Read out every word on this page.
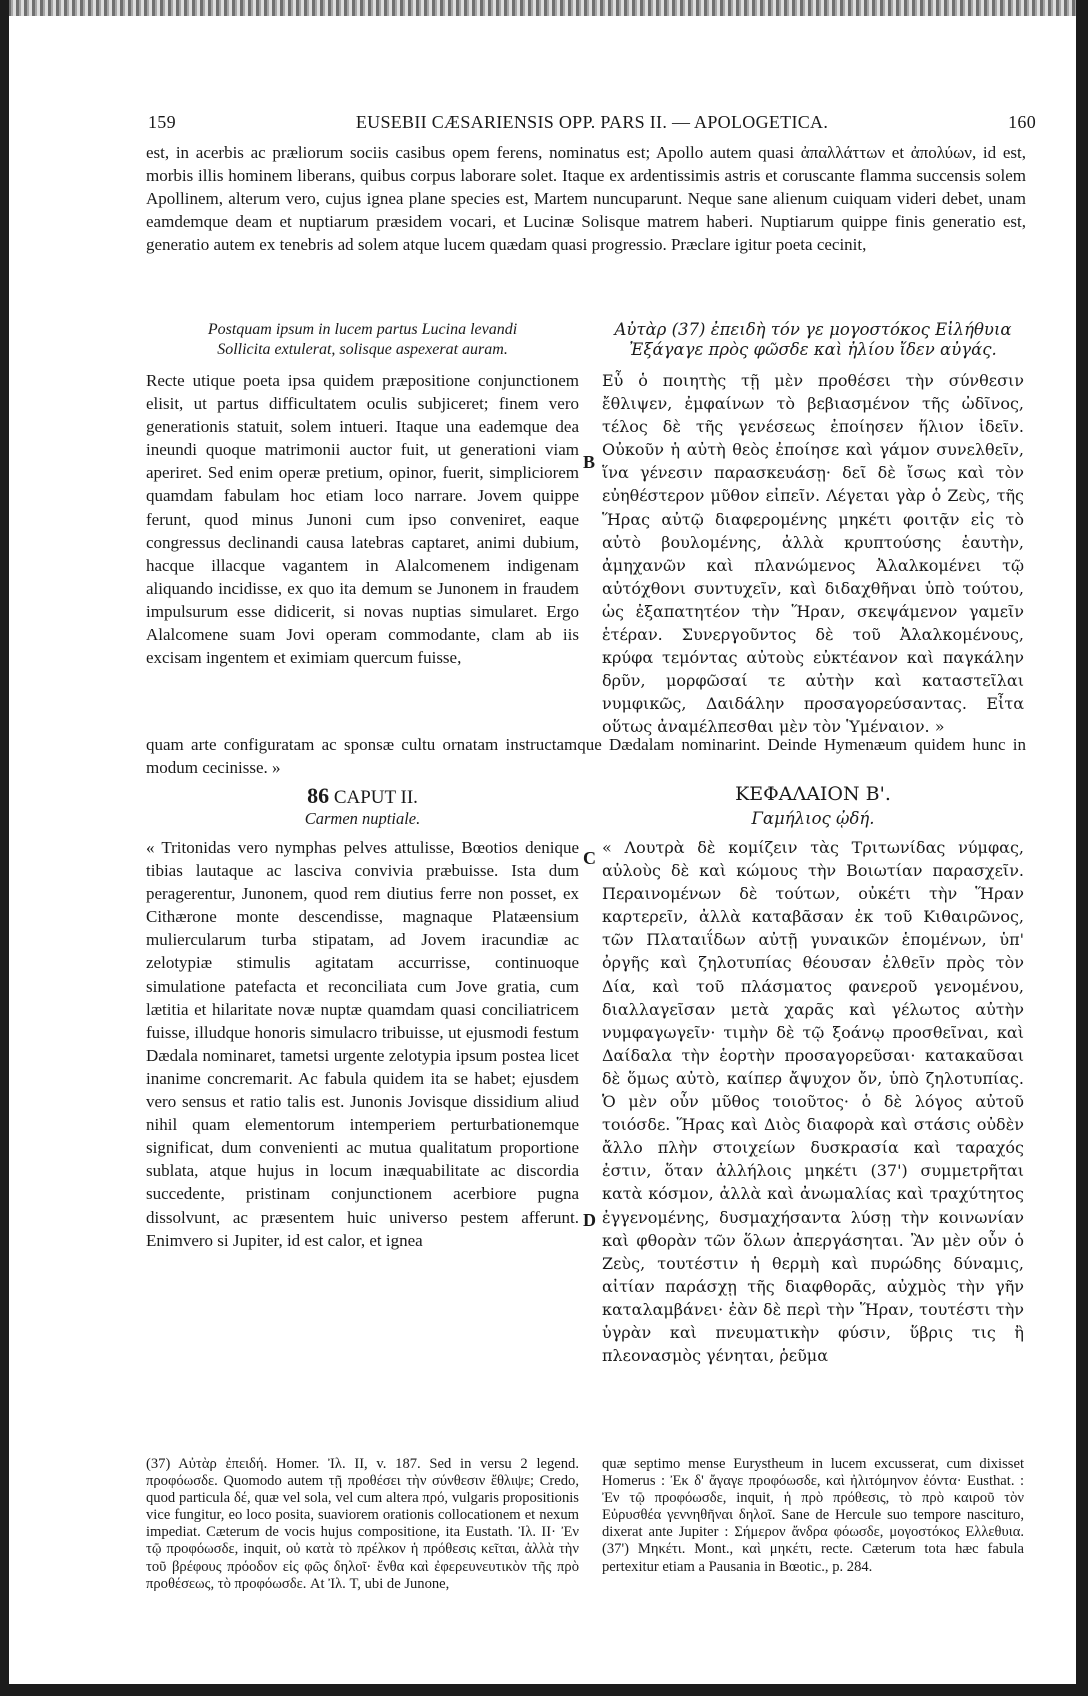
159	EUSEBII CÆSARIENSIS OPP. PARS II. — APOLOGETICA.	160
est, in acerbis ac præliorum sociis casibus opem ferens, nominatus est; Apollo autem quasi ἀπαλλάττων et ἀπολύων, id est, morbis illis hominem liberans, quibus corpus laborare solet. Itaque ex ardentissimis astris et coruscante flamma succensis solem Apollinem, alterum vero, cujus ignea plane species est, Martem nuncuparunt. Neque sane alienum cuiquam videri debet, unam eamdemque deam et nuptiarum præsidem vocari, et Lucinæ Solisque matrem haberi. Nuptiarum quippe finis generatio est, generatio autem ex tenebris ad solem atque lucem quædam quasi progressio. Præclare igitur poeta cecinit,
Postquam ipsum in lucem partus Lucina levandi
Sollicita extulerat, solisque aspexerat auram.
Αὐτὰρ (37) ἐπειδὴ τόν γε μογοστόκος Εἰλήθυια
Ἐξάγαγε πρὸς φῶσδε καὶ ἠλίου ἴδεν αὐγάς.
Recte utique poeta ipsa quidem præpositione conjunctionem elisit, ut partus difficultatem oculis subjiceret; finem vero generationis statuit, solem intueri. Itaque una eademque dea ineundi quoque matrimonii auctor fuit, ut generationi viam aperiret. Sed enim operæ pretium, opinor, fuerit, simpliciorem quamdam fabulam hoc etiam loco narrare. Jovem quippe ferunt, quod minus Junoni cum ipso conveniret, eaque congressus declinandi causa latebras captaret, animi dubium, hacque illacque vagantem in Alalcomenem indigenam aliquando incidisse, ex quo ita demum se Junonem in fraudem impulsurum esse didicerit, si novas nuptias simularet. Ergo Alalcomene suam Jovi operam commodante, clam ab iis excisam ingentem et eximiam quercum fuisse,
Εὖ ὁ ποιητὴς τῇ μὲν προθέσει τὴν σύνθεσιν ἔθλιψεν, ἐμφαίνων τὸ βεβιασμένον τῆς ὠδῖνος, τέλος δὲ τῆς γενέσεως ἐποίησεν ἥλιον ἰδεῖν. Οὐκοῦν ἡ αὐτὴ θεὸς ἐποίησε καὶ γάμον συνελθεῖν, ἵνα γένεσιν παρασκευάσῃ· δεῖ δὲ ἴσως καὶ τὸν εὐηθέστερον μῦθον εἰπεῖν. Λέγεται γὰρ ὁ Ζεὺς, τῆς Ἥρας αὐτῷ διαφερομένης μηκέτι φοιτᾷν εἰς τὸ αὐτὸ βουλομένης, ἀλλὰ κρυπτούσης ἑαυτὴν, ἀμηχανῶν καὶ πλανώμενος Ἀλαλκομένει τῷ αὐτόχθονι συντυχεῖν, καὶ διδαχθῆναι ὑπὸ τούτου, ὡς ἐξαπατητέον τὴν Ἥραν, σκεψάμενον γαμεῖν ἑτέραν. Συνεργοῦντος δὲ τοῦ Ἀλαλκομένους, κρύφα τεμόντας αὐτοὺς εὐκτέανον καὶ παγκάλην δρῦν, μορφῶσαί τε αὐτὴν καὶ καταστεῖλαι νυμφικῶς, Δαιδάλην προσαγορεύσαντας. Εἶτα οὕτως ἀναμέλπεσθαι μὲν τὸν Ὑμέναιον. »
B
quam arte configuratam ac sponsæ cultu ornatam instructamque Dædalam nominarint. Deinde Hymenæum quidem hunc in modum cecinisse. »
86 CAPUT II.
Carmen nuptiale.
ΚΕΦΑΛΑΙΟΝ Β'.
Γαμήλιος ᾠδή.
« Tritonidas vero nymphas pelves attulisse, Bœotios denique tibias lautaque ac lasciva convivia præbuisse. Ista dum peragerentur, Junonem, quod rem diutius ferre non posset, ex Cithærone monte descendisse, magnaque Platæensium muliercularum turba stipatam, ad Jovem iracundiæ ac zelotypiæ stimulis agitatam accurrisse, continuoque simulatione patefacta et reconciliata cum Jove gratia, cum lætitia et hilaritate novæ nuptæ quamdam quasi conciliatricem fuisse, illudque honoris simulacro tribuisse, ut ejusmodi festum Dædala nominaret, tametsi urgente zelotypia ipsum postea licet inanime concremarit. Ac fabula quidem ita se habet; ejusdem vero sensus et ratio talis est. Junonis Jovisque dissidium aliud nihil quam elementorum intemperiem perturbationemque significat, dum convenienti ac mutua qualitatum proportione sublata, atque hujus in locum inæquabilitate ac discordia succedente, pristinam conjunctionem acerbiore pugna dissolvunt, ac præsentem huic universo pestem afferunt. Enimvero si Jupiter, id est calor, et ignea
« Λουτρὰ δὲ κομίζειν τὰς Τριτωνίδας νύμφας, αὐλοὺς δὲ καὶ κώμους τὴν Βοιωτίαν παρασχεῖν. Περαινομένων δὲ τούτων, οὐκέτι τὴν Ἥραν καρτερεῖν, ἀλλὰ καταβᾶσαν ἐκ τοῦ Κιθαιρῶνος, τῶν Πλαταιΐδων αὐτῇ γυναικῶν ἑπομένων, ὑπ' ὀργῆς καὶ ζηλοτυπίας θέουσαν ἐλθεῖν πρὸς τὸν Δία, καὶ τοῦ πλάσματος φανεροῦ γενομένου, διαλλαγεῖσαν μετὰ χαρᾶς καὶ γέλωτος αὐτὴν νυμφαγωγεῖν· τιμὴν δὲ τῷ ξοάνῳ προσθεῖναι, καὶ Δαίδαλα τὴν ἑορτὴν προσαγορεῦσαι· κατακαῦσαι δὲ ὅμως αὐτὸ, καίπερ ἄψυχον ὄν, ὑπὸ ζηλοτυπίας. Ὁ μὲν οὖν μῦθος τοιοῦτος· ὁ δὲ λόγος αὐτοῦ τοιόσδε. Ἥρας καὶ Διὸς διαφορὰ καὶ στάσις οὐδὲν ἄλλο πλὴν στοιχείων δυσκρασία καὶ ταραχός ἐστιν, ὅταν ἀλλήλοις μηκέτι (37') συμμετρῆται κατὰ κόσμον, ἀλλὰ καὶ ἀνωμαλίας καὶ τραχύτητος ἐγγενομένης, δυσμαχήσαντα λύσῃ τὴν κοινωνίαν καὶ φθορὰν τῶν ὅλων ἀπεργάσηται. Ἂν μὲν οὖν ὁ Ζεὺς, τουτέστιν ἡ θερμὴ καὶ πυρώδης δύναμις, αἰτίαν παράσχῃ τῆς διαφθορᾶς, αὐχμὸς τὴν γῆν καταλαμβάνει· ἐὰν δὲ περὶ τὴν Ἥραν, τουτέστι τὴν ὑγρὰν καὶ πνευματικὴν φύσιν, ὕβρις τις ἢ πλεονασμὸς γένηται, ῥεῦμα
C
D
(37) Αὐτὰρ ἐπειδή. Homer. Ἰλ. II, v. 187. Sed in versu 2 legend. προφόωσδε. Quomodo autem τῇ προθέσει τὴν σύνθεσιν ἔθλιψε; Credo, quod particula δέ, quæ vel sola, vel cum altera πρό, vulgaris propositionis vice fungitur, eo loco posita, suaviorem orationis collocationem et nexum impediat. Cæterum de vocis hujus compositione, ita Eustath. Ἰλ. II· Ἐν τῷ προφόωσδε, inquit, οὐ κατὰ τὸ πρέλκον ἡ πρόθεσις κεῖται, ἀλλὰ τὴν τοῦ βρέφους πρόοδον εἰς φῶς δηλοῖ· ἔνθα καὶ ἐφερευνευτικὸν τῆς πρὸ προθέσεως, τὸ προφόωσδε. At Ἰλ. T, ubi de Junone,
quæ septimo mense Eurystheum in lucem excusserat, cum dixisset Homerus : Ἐκ δ' ἄγαγε προφόωσδε, καὶ ἠλιτόμηνον ἐόντα· Eusthat. : Ἐν τῷ προφόωσδε, inquit, ἡ πρὸ πρόθεσις, τὸ πρὸ καιροῦ τὸν Εὐρυσθέα γεννηθῆναι δηλοῖ. Sane de Hercule suo tempore nascituro, dixerat ante Jupiter : Σήμερον ἄνδρα φόωσδε, μογοστόκος Ελλεθυια. (37') Μηκέτι. Mont., καὶ μηκέτι, recte. Cæterum tota hæc fabula pertexitur etiam a Pausania in Bœotic., p. 284.
